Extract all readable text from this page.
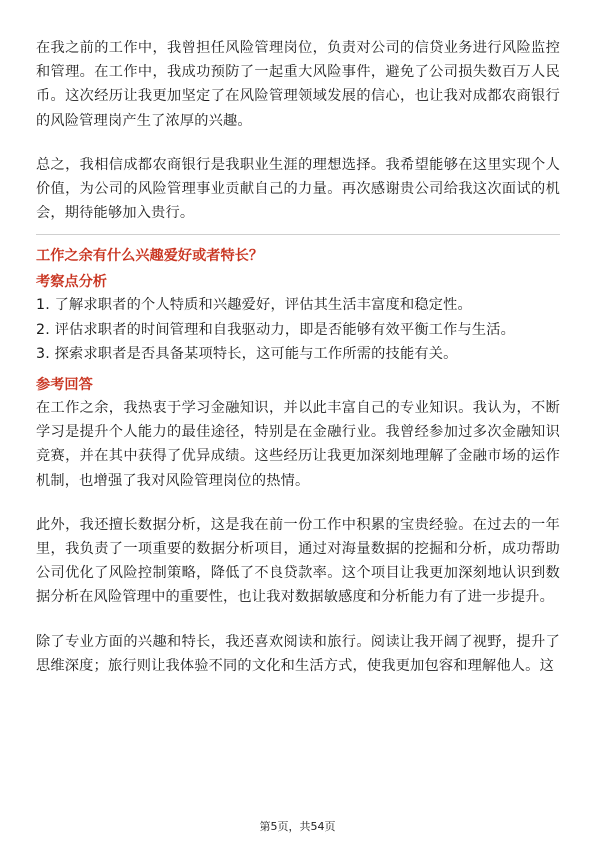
在我之前的工作中，我曾担任风险管理岗位，负责对公司的信贷业务进行风险监控和管理。在工作中，我成功预防了一起重大风险事件，避免了公司损失数百万人民币。这次经历让我更加坚定了在风险管理领域发展的信心，也让我对成都农商银行的风险管理岗产生了浓厚的兴趣。

总之，我相信成都农商银行是我职业生涯的理想选择。我希望能够在这里实现个人价值，为公司的风险管理事业贡献自己的力量。再次感谢贵公司给我这次面试的机会，期待能够加入贵行。

工作之余有什么兴趣爱好或者特长？

考察点分析

1. 了解求职者的个人特质和兴趣爱好，评估其生活丰富度和稳定性。
2. 评估求职者的时间管理和自我驱动力，即是否能够有效平衡工作与生活。
3. 探索求职者是否具备某项特长，这可能与工作所需的技能有关。

参考回答

在工作之余，我热衷于学习金融知识，并以此丰富自己的专业知识。我认为，不断学习是提升个人能力的最佳途径，特别是在金融行业。我曾经参加过多次金融知识竞赛，并在其中获得了优异成绩。这些经历让我更加深刻地理解了金融市场的运作机制，也增强了我对风险管理岗位的热情。

此外，我还擅长数据分析，这是我在前一份工作中积累的宝贵经验。在过去的一年里，我负责了一项重要的数据分析项目，通过对海量数据的挖掘和分析，成功帮助公司优化了风险控制策略，降低了不良贷款率。这个项目让我更加深刻地认识到数据分析在风险管理中的重要性，也让我对数据敏感度和分析能力有了进一步提升。

除了专业方面的兴趣和特长，我还喜欢阅读和旅行。阅读让我开阔了视野，提升了思维深度；旅行则让我体验不同的文化和生活方式，使我更加包容和理解他人。这

第5页，共54页
